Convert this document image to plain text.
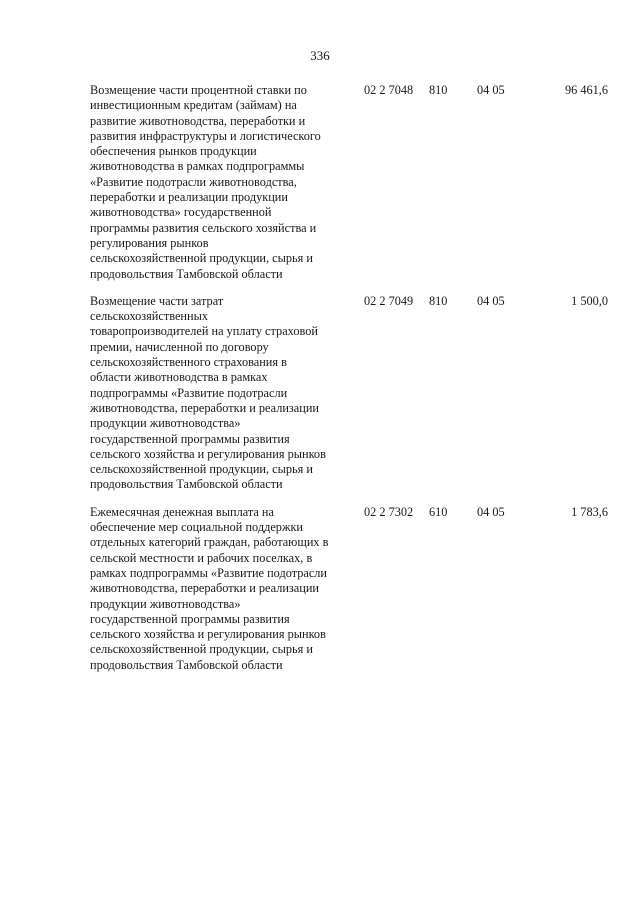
336
Возмещение части процентной ставки по
инвестиционным кредитам (займам) на
развитие животноводства, переработки и
развития инфраструктуры и логистического
обеспечения рынков продукции
животноводства в рамках подпрограммы
«Развитие подотрасли животноводства,
переработки и реализации продукции
животноводства» государственной
программы развития сельского хозяйства и
регулирования рынков
сельскохозяйственной продукции, сырья и
продовольствия Тамбовской области
02 2 7048 810 04 05	96 461,6
Возмещение части затрат
сельскохозяйственных
товаропроизводителей на уплату страховой
премии, начисленной по договору
сельскохозяйственного страхования в
области животноводства в рамках
подпрограммы «Развитие подотрасли
животноводства, переработки и реализации
продукции животноводства»
государственной программы развития
сельского хозяйства и регулирования рынков
сельскохозяйственной продукции, сырья и
продовольствия Тамбовской области
02 2 7049 810 04 05	1 500,0
Ежемесячная денежная выплата на
обеспечение мер социальной поддержки
отдельных категорий граждан, работающих в
сельской местности и рабочих поселках, в
рамках подпрограммы «Развитие подотрасли
животноводства, переработки и реализации
продукции животноводства»
государственной программы развития
сельского хозяйства и регулирования рынков
сельскохозяйственной продукции, сырья и
продовольствия Тамбовской области
02 2 7302 610 04 05	1 783,6
